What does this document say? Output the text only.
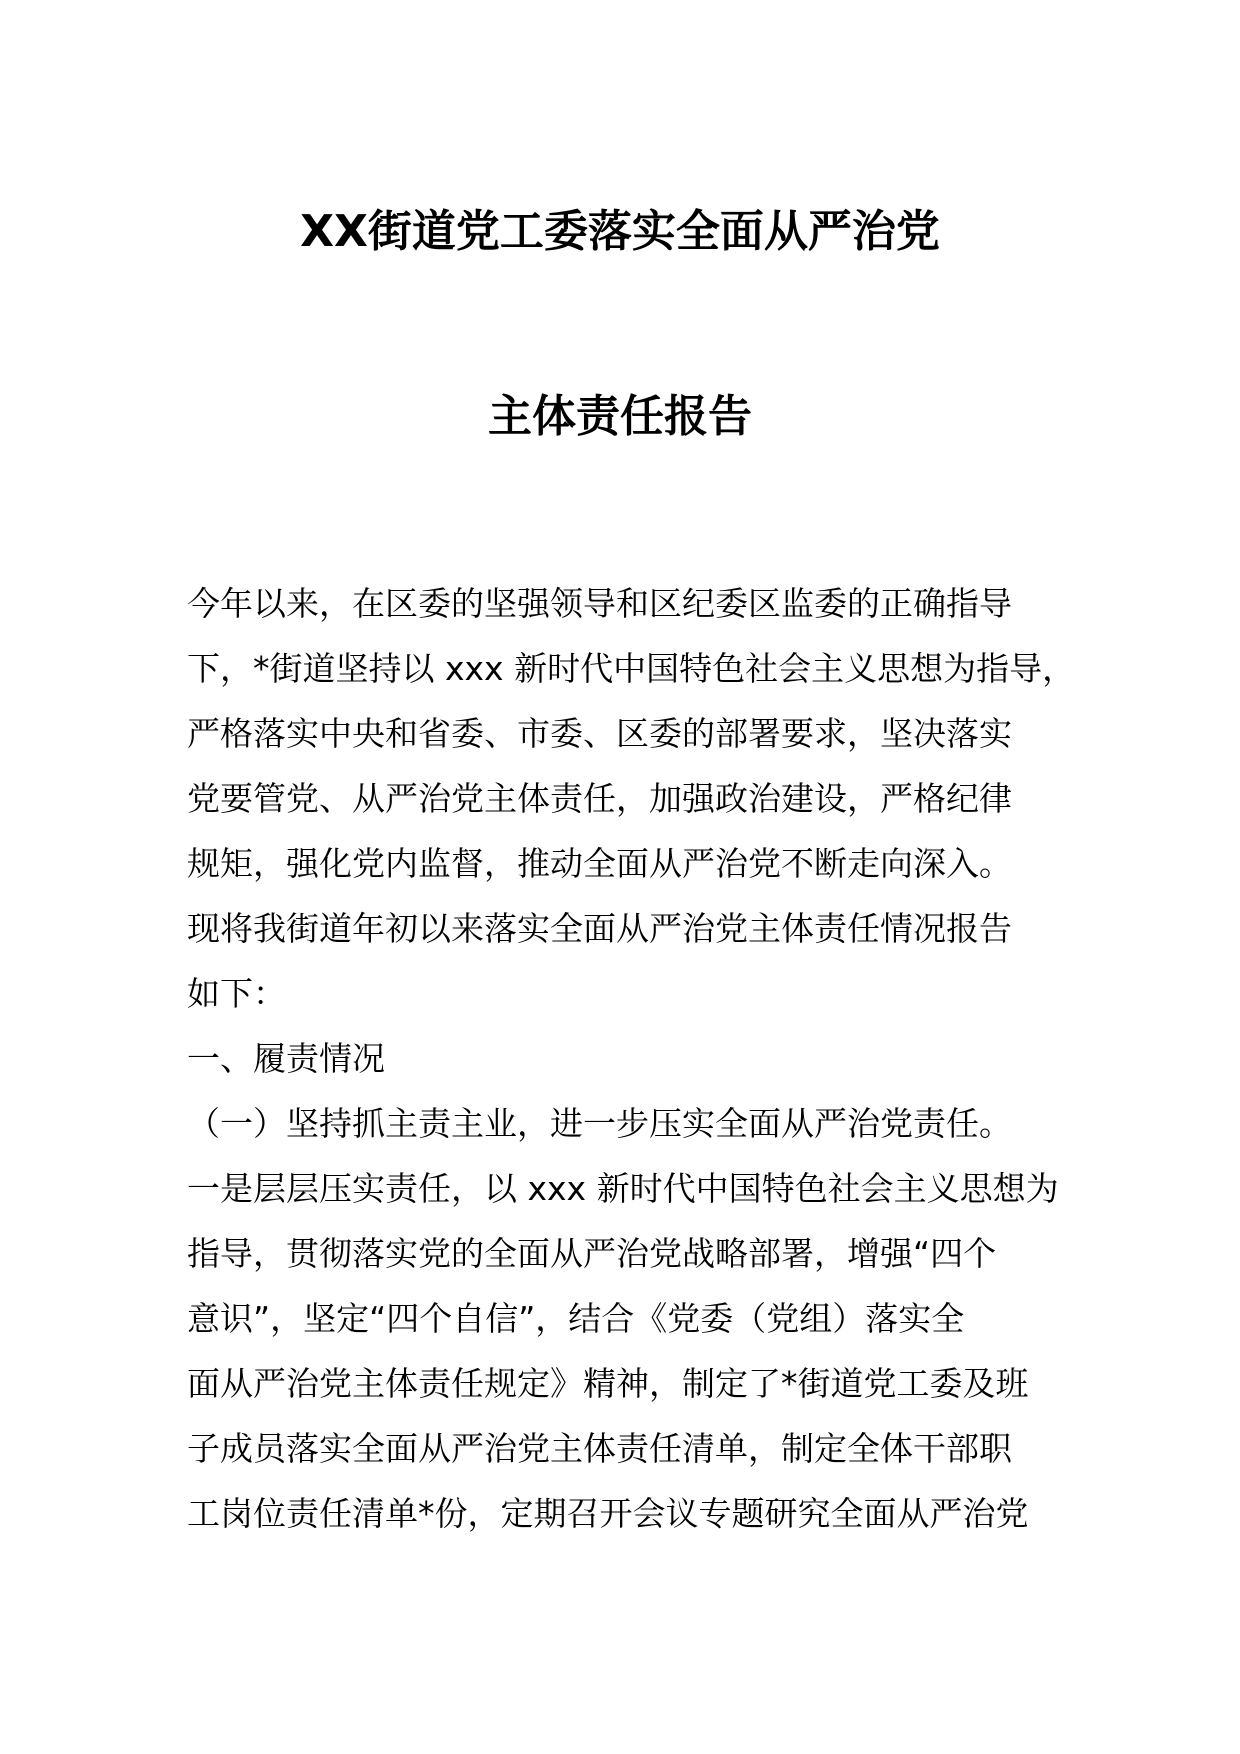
XX街道党工委落实全面从严治党
主体责任报告
今年以来，在区委的坚强领导和区纪委区监委的正确指导
下，*街道坚持以 xxx 新时代中国特色社会主义思想为指导，
严格落实中央和省委、市委、区委的部署要求，坚决落实
党要管党、从严治党主体责任，加强政治建设，严格纪律
规矩，强化党内监督，推动全面从严治党不断走向深入。
现将我街道年初以来落实全面从严治党主体责任情况报告
如下：
一、履责情况
（一）坚持抓主责主业，进一步压实全面从严治党责任。
一是层层压实责任，以 xxx 新时代中国特色社会主义思想为
指导，贯彻落实党的全面从严治党战略部署，增强“四个
意识”，坚定“四个自信”，结合《党委（党组）落实全
面从严治党主体责任规定》精神，制定了*街道党工委及班
子成员落实全面从严治党主体责任清单，制定全体干部职
工岗位责任清单*份，定期召开会议专题研究全面从严治党
